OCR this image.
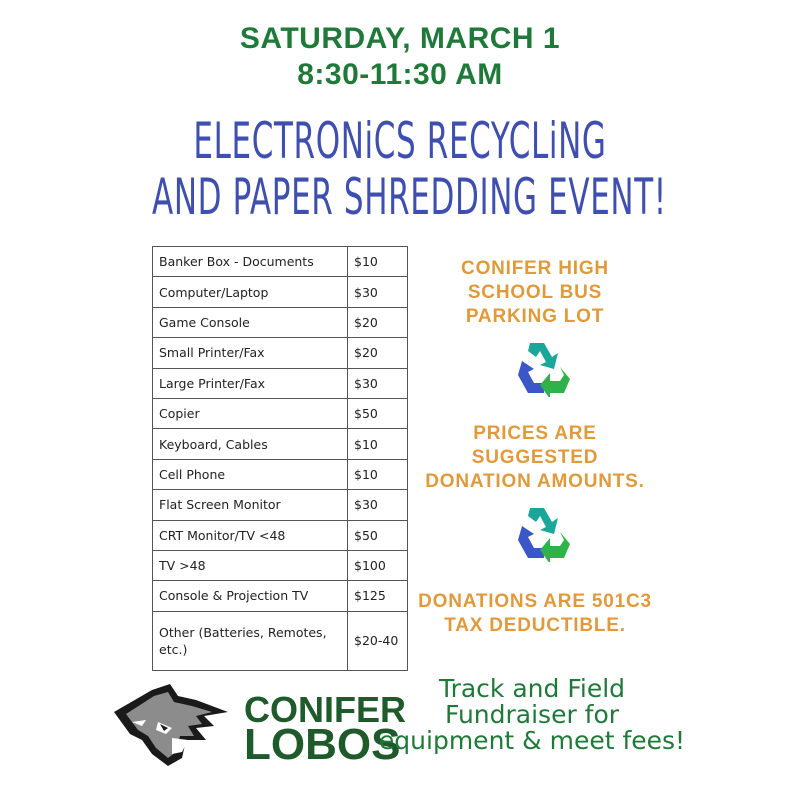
SATURDAY, MARCH 1
8:30-11:30 AM
ELECTRONiCS RECYCLiNG
AND PAPER SHREDDING EVENT!
Banker Box - Documents	$10
Computer/Laptop	$30
Game Console	$20
Small Printer/Fax	$20
Large Printer/Fax	$30
Copier	$50
Keyboard, Cables	$10
Cell Phone	$10
Flat Screen Monitor	$30
CRT Monitor/TV <48	$50
TV >48	$100
Console & Projection TV	$125
Other (Batteries, Remotes, etc.)	$20-40
CONIFER HIGH
SCHOOL BUS
PARKING LOT
PRICES ARE
SUGGESTED
DONATION AMOUNTS.
DONATIONS ARE 501C3
TAX DEDUCTIBLE.
CONIFER
LOBOS
Track and Field
Fundraiser for
equipment & meet fees!
